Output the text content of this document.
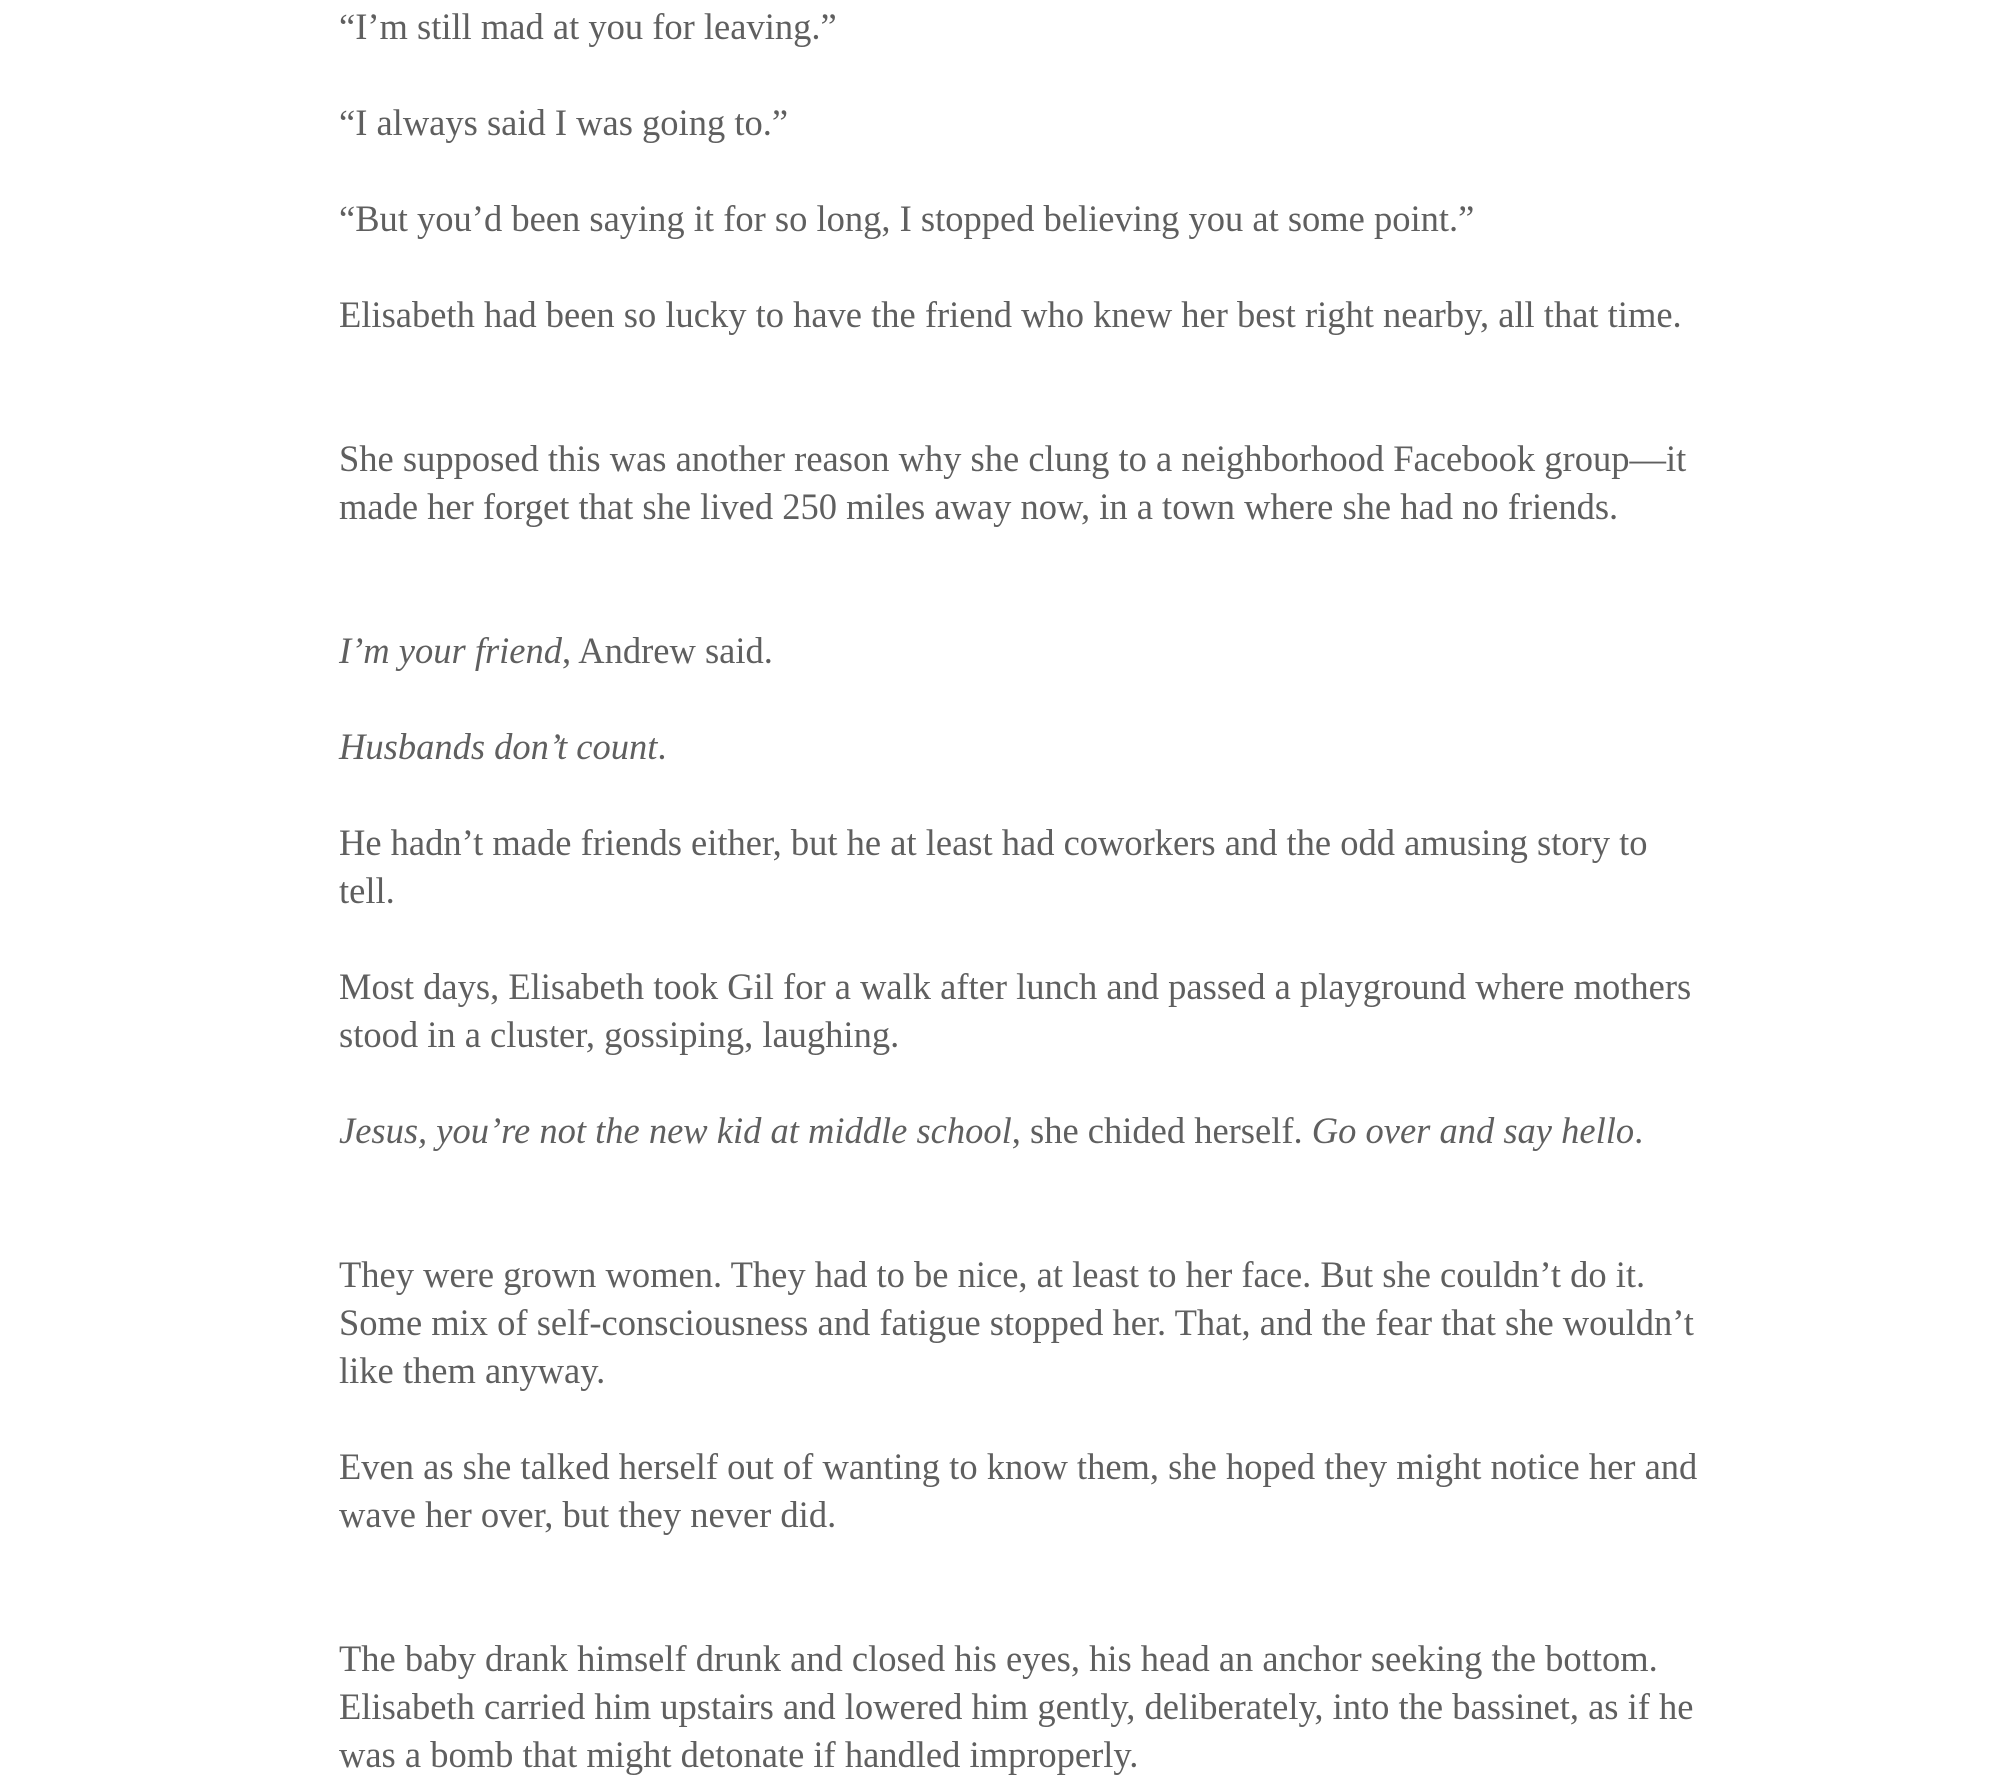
“I’m still mad at you for leaving.”

“I always said I was going to.”

“But you’d been saying it for so long, I stopped believing you at some point.”

Elisabeth had been so lucky to have the friend who knew her best right nearby, all that time.

She supposed this was another reason why she clung to a neighborhood Facebook group—it made her forget that she lived 250 miles away now, in a town where she had no friends.

I’m your friend, Andrew said.

Husbands don’t count.

He hadn’t made friends either, but he at least had coworkers and the odd amusing story to tell.

Most days, Elisabeth took Gil for a walk after lunch and passed a playground where mothers stood in a cluster, gossiping, laughing.

Jesus, you’re not the new kid at middle school, she chided herself. Go over and say hello.

They were grown women. They had to be nice, at least to her face. But she couldn’t do it. Some mix of self-consciousness and fatigue stopped her. That, and the fear that she wouldn’t like them anyway.

Even as she talked herself out of wanting to know them, she hoped they might notice her and wave her over, but they never did.

The baby drank himself drunk and closed his eyes, his head an anchor seeking the bottom. Elisabeth carried him upstairs and lowered him gently, deliberately, into the bassinet, as if he was a bomb that might detonate if handled improperly.
